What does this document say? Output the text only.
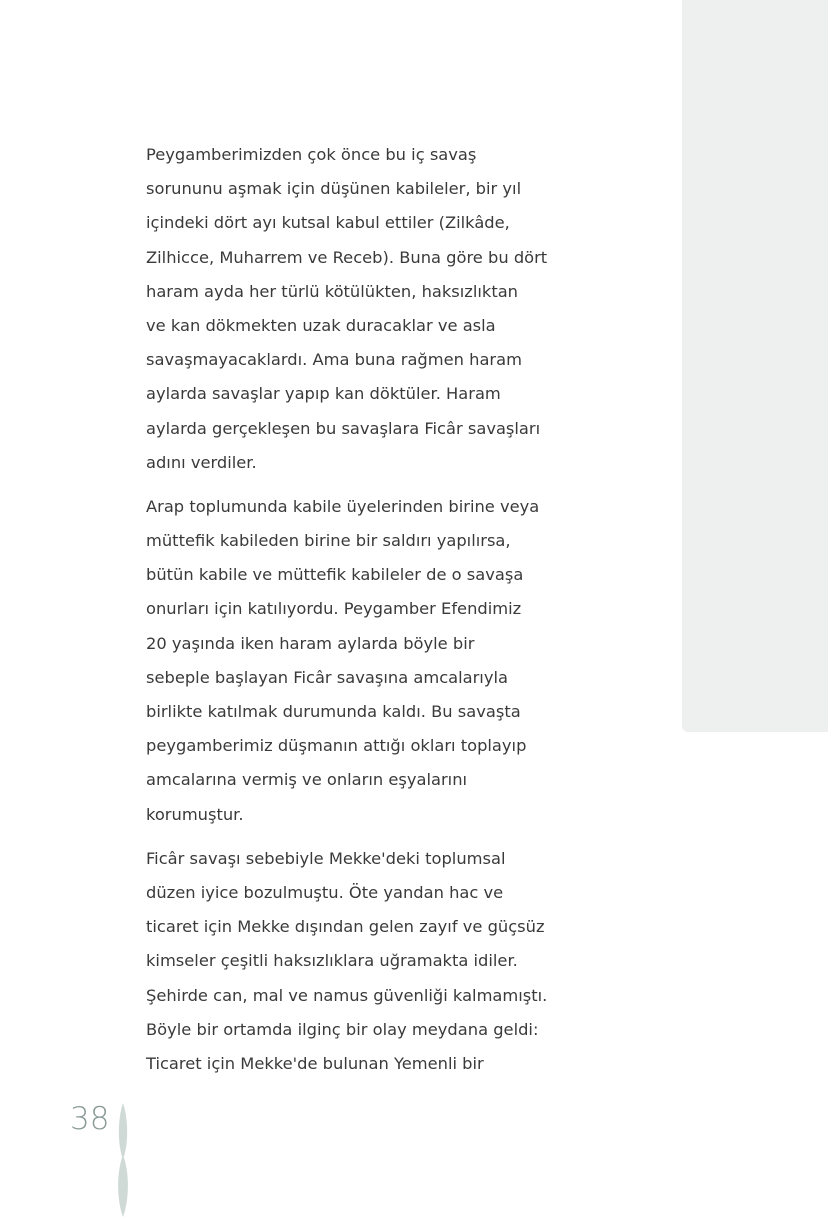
Peygamberimizden çok önce bu iç savaş
sorununu aşmak için düşünen kabileler, bir yıl
içindeki dört ayı kutsal kabul ettiler (Zilkâde,
Zilhicce, Muharrem ve Receb). Buna göre bu dört
haram ayda her türlü kötülükten, haksızlıktan
ve kan dökmekten uzak duracaklar ve asla
savaşmayacaklardı. Ama buna rağmen haram
aylarda savaşlar yapıp kan döktüler. Haram
aylarda gerçekleşen bu savaşlara Ficâr savaşları
adını verdiler.

Arap toplumunda kabile üyelerinden birine veya
müttefik kabileden birine bir saldırı yapılırsa,
bütün kabile ve müttefik kabileler de o savaşa
onurları için katılıyordu. Peygamber Efendimiz
20 yaşında iken haram aylarda böyle bir
sebeple başlayan Ficâr savaşına amcalarıyla
birlikte katılmak durumunda kaldı. Bu savaşta
peygamberimiz düşmanın attığı okları toplayıp
amcalarına vermiş ve onların eşyalarını
korumuştur.

Ficâr savaşı sebebiyle Mekke'deki toplumsal
düzen iyice bozulmuştu. Öte yandan hac ve
ticaret için Mekke dışından gelen zayıf ve güçsüz
kimseler çeşitli haksızlıklara uğramakta idiler.
Şehirde can, mal ve namus güvenliği kalmamıştı.
Böyle bir ortamda ilginç bir olay meydana geldi:
Ticaret için Mekke'de bulunan Yemenli bir

38
